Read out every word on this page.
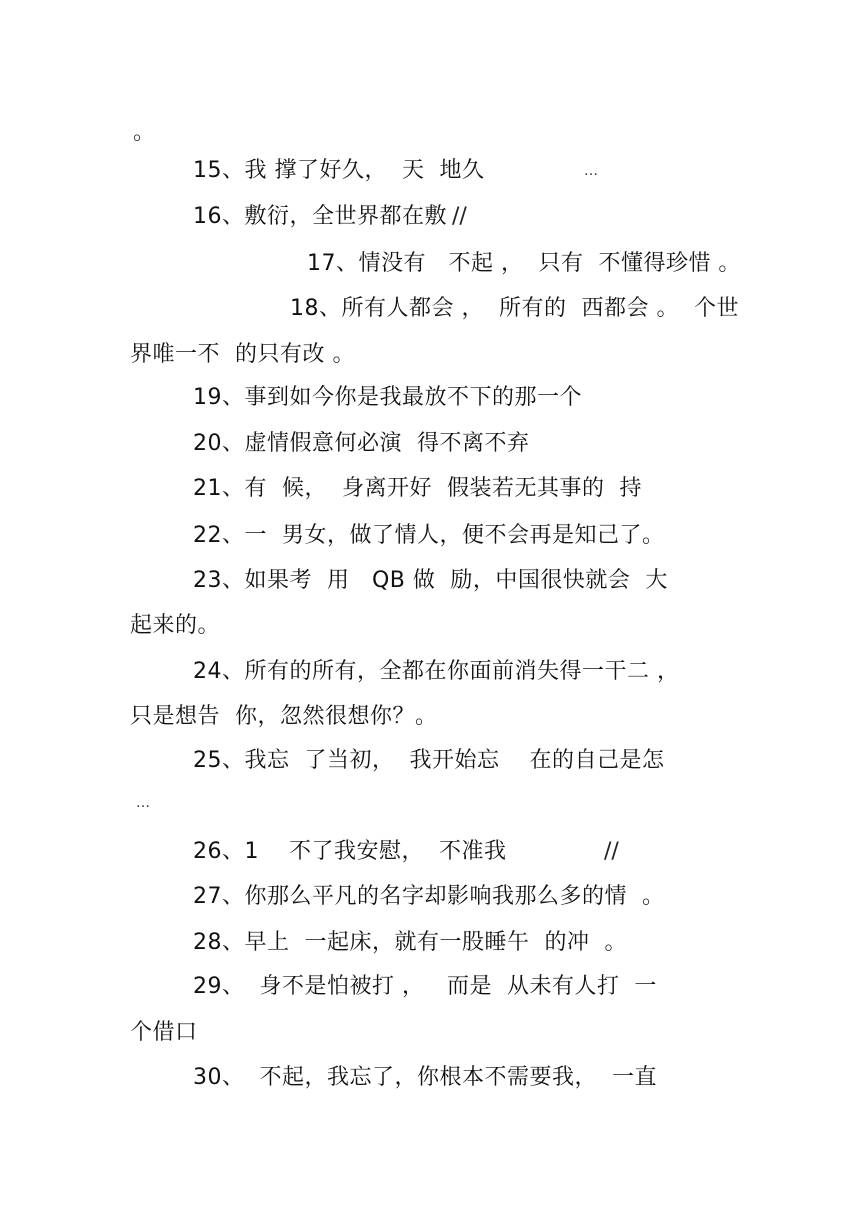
。
15、我 撑了好久，  天  地久	…
16、敷衍，全世界都在敷 //
17、情没有   不起 ，  只有  不懂得珍惜 。
18、所有人都会 ，  所有的  西都会 。  个世
界唯一不  的只有改 。
19、事到如今你是我最放不下的那一个
20、虚情假意何必演  得不离不弃
21、有  候，  身离开好  假装若无其事的  持
22、一  男女，做了情人，便不会再是知己了。
23、如果考  用   QB 做  励，中国很快就会  大
起来的。
24、所有的所有，全都在你面前消失得一干二 ，
只是想告  你，忽然很想你？。
25、我忘  了当初，  我开始忘    在的自己是怎
…
26、1    不了我安慰，  不准我	//
27、你那么平凡的名字却影响我那么多的情  。
28、早上  一起床，就有一股睡午  的冲  。
29、  身不是怕被打 ，   而是  从未有人打  一
个借口
30、  不起，我忘了，你根本不需要我，  一直
